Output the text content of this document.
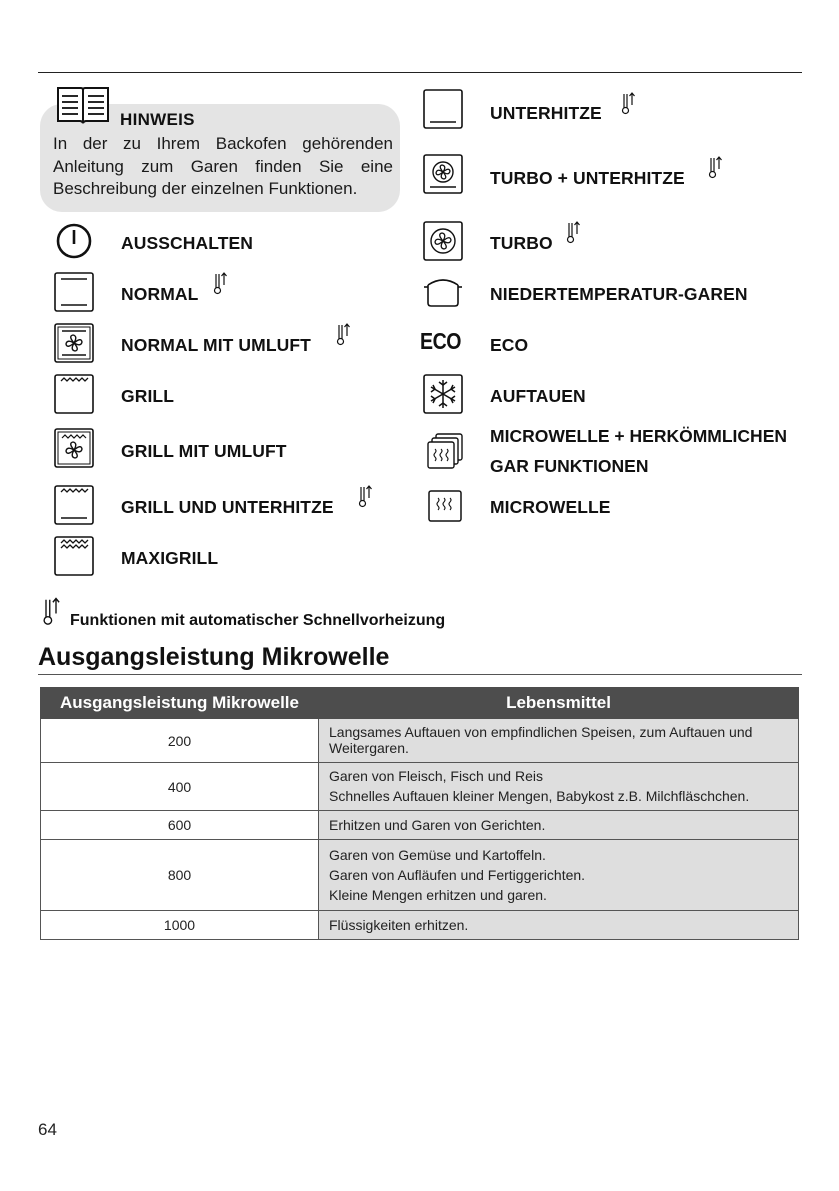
HINWEIS
In der zu Ihrem Backofen gehörenden Anleitung zum Garen finden Sie eine Beschreibung der einzelnen Funktionen.
AUSSCHALTEN
NORMAL
NORMAL MIT UMLUFT
GRILL
GRILL MIT UMLUFT
GRILL UND UNTERHITZE
MAXIGRILL
UNTERHITZE
TURBO + UNTERHITZE
TURBO
NIEDERTEMPERATUR-GAREN
ECO ECO
AUFTAUEN
MICROWELLE + HERKÖMMLICHEN
GAR FUNKTIONEN
MICROWELLE
Funktionen mit automatischer Schnellvorheizung
Ausgangsleistung Mikrowelle
Ausgangsleistung Mikrowelle	Lebensmittel
200	Langsames Auftauen von empfindlichen Speisen, zum Auftauen und Weitergaren.

400	Garen von Fleisch, Fisch und Reis
Schnelles Auftauen kleiner Mengen, Babykost z.B. Milchfläschchen.

600	Erhitzen und Garen von Gerichten.

800	Garen von Gemüse und Kartoffeln.
Garen von Aufläufen und Fertiggerichten.
Kleine Mengen erhitzen und garen.

1000	Flüssigkeiten erhitzen.
64
